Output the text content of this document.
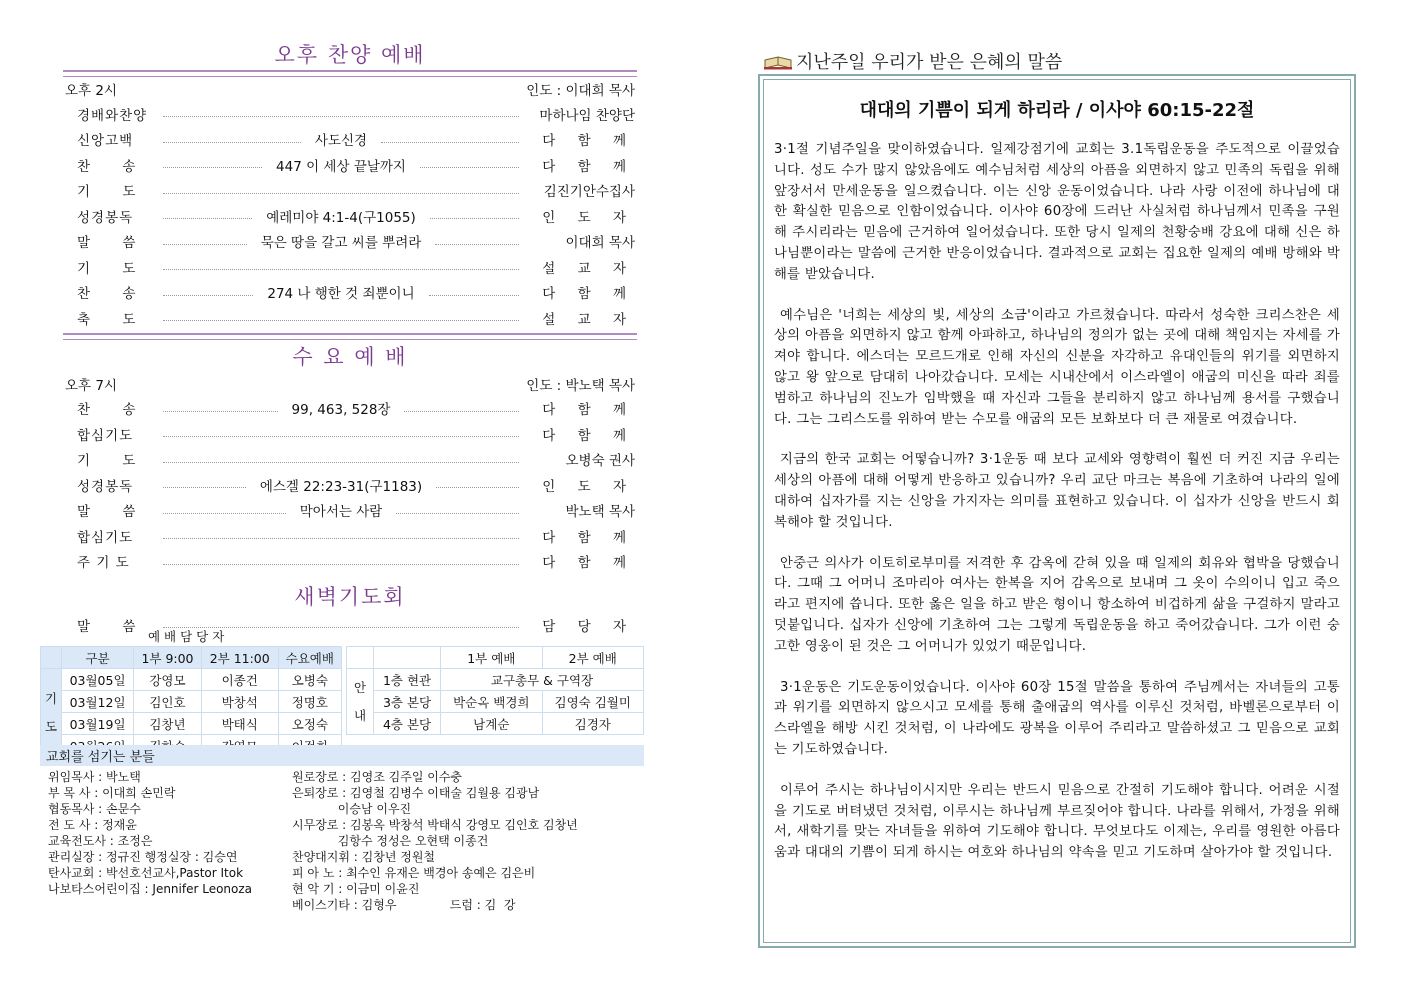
오후 찬양 예배
오후 2시	인도 : 이대희 목사
경배와찬양	마하나임 찬양단
신앙고백	사도신경	다 함 께
찬 송	447 이 세상 끝날까지	다 함 께
기 도	김진기안수집사
성경봉독	예레미야 4:1-4(구1055)	인 도 자
말 씀	묵은 땅을 갈고 씨를 뿌려라	이대희 목사
기 도	설 교 자
찬 송	274 나 행한 것 죄뿐이니	다 함 께
축 도	설 교 자
수 요 예 배
오후 7시	인도 : 박노택 목사
찬 송	99, 463, 528장	다 함 께
합심기도	다 함 께
기 도	오병숙 권사
성경봉독	에스겔 22:23-31(구1183)	인 도 자
말 씀	막아서는 사람	박노택 목사
합심기도	다 함 께
주 기 도	다 함 께
새벽기도회
말 씀	담 당 자
예 배 담 당 자
	구분	1부 9:00	2부 11:00	수요예배
기
도	03월05일	강영모	이종건	오병숙
	03월12일	김인호	박창석	정명호
	03월19일	김창년	박태식	오정숙

		1부 예배	2부 예배
안
내	1층 현관	교구총무 & 구역장	
	3층 본당	박순옥 백경희	김영숙 김월미
	4층 본당	남계순	김경자
교회를 섬기는 분들
위임목사 : 박노택
부 목 사 : 이대희 손민락
협동목사 : 손문수
전 도 사 : 정재윤
교육전도사 : 조정은
관리실장 : 정규진 행정실장 : 김승연
탄사교회 : 박선호선교사,Pastor Itok
나보타스어린이집 : Jennifer Leonoza
원로장로 : 김영조 김주일 이수충
은퇴장로 : 김영철 김병수 이태술 김월용 김광남
이승남 이우진
시무장로 : 김봉옥 박창석 박태식 강영모 김인호 김창년
김항수 정성은 오현택 이종건
찬양대지휘 : 김창년 정원철
피 아 노 : 최수인 유재은 백경아 송예은 김은비
현 악 기 : 이금미 이윤진
베이스기타 : 김형우              드럼 : 김  강
지난주일 우리가 받은 은혜의 말씀
대대의 기쁨이 되게 하리라 / 이사야 60:15-22절

3·1절 기념주일을 맞이하였습니다. 일제강점기에 교회는 3.1독립운동을 주도적으로 이끌었습니다. 성도 수가 많지 않았음에도 예수님처럼 세상의 아픔을 외면하지 않고 민족의 독립을 위해 앞장서서 만세운동을 일으켰습니다. 이는 신앙 운동이었습니다. 나라 사랑 이전에 하나님에 대한 확실한 믿음으로 인함이었습니다. 이사야 60장에 드러난 사실처럼 하나님께서 민족을 구원해 주시리라는 믿음에 근거하여 일어섰습니다. 또한 당시 일제의 천황숭배 강요에 대해 신은 하나님뿐이라는 말씀에 근거한 반응이었습니다. 결과적으로 교회는 집요한 일제의 예배 방해와 박해를 받았습니다.

예수님은 '너희는 세상의 빛, 세상의 소금'이라고 가르쳤습니다. 따라서 성숙한 크리스찬은 세상의 아픔을 외면하지 않고 함께 아파하고, 하나님의 정의가 없는 곳에 대해 책임지는 자세를 가져야 합니다. 에스더는 모르드개로 인해 자신의 신분을 자각하고 유대인들의 위기를 외면하지 않고 왕 앞으로 담대히 나아갔습니다. 모세는 시내산에서 이스라엘이 애굽의 미신을 따라 죄를 범하고 하나님의 진노가 임박했을 때 자신과 그들을 분리하지 않고 하나님께 용서를 구했습니다. 그는 그리스도를 위하여 받는 수모를 애굽의 모든 보화보다 더 큰 재물로 여겼습니다.

지금의 한국 교회는 어떻습니까? 3·1운동 때 보다 교세와 영향력이 훨씬 더 커진 지금 우리는 세상의 아픔에 대해 어떻게 반응하고 있습니까? 우리 교단 마크는 복음에 기초하여 나라의 일에 대하여 십자가를 지는 신앙을 가지자는 의미를 표현하고 있습니다. 이 십자가 신앙을 반드시 회복해야 할 것입니다.

안중근 의사가 이토히로부미를 저격한 후 감옥에 갇혀 있을 때 일제의 회유와 협박을 당했습니다. 그때 그 어머니 조마리아 여사는 한복을 지어 감옥으로 보내며 그 옷이 수의이니 입고 죽으라고 편지에 씁니다. 또한 옳은 일을 하고 받은 형이니 항소하여 비겁하게 삶을 구걸하지 말라고 덧붙입니다. 십자가 신앙에 기초하여 그는 그렇게 독립운동을 하고 죽어갔습니다. 그가 이런 숭고한 영웅이 된 것은 그 어머니가 있었기 때문입니다.

3·1운동은 기도운동이었습니다. 이사야 60장 15절 말씀을 통하여 주님께서는 자녀들의 고통과 위기를 외면하지 않으시고 모세를 통해 출애굽의 역사를 이루신 것처럼, 바벨론으로부터 이스라엘을 해방 시킨 것처럼, 이 나라에도 광복을 이루어 주리라고 말씀하셨고 그 믿음으로 교회는 기도하였습니다.

이루어 주시는 하나님이시지만 우리는 반드시 믿음으로 간절히 기도해야 합니다. 어려운 시절을 기도로 버텨냈던 것처럼, 이루시는 하나님께 부르짖어야 합니다. 나라를 위해서, 가정을 위해서, 새학기를 맞는 자녀들을 위하여 기도해야 합니다. 무엇보다도 이제는, 우리를 영원한 아름다움과 대대의 기쁨이 되게 하시는 여호와 하나님의 약속을 믿고 기도하며 살아가야 할 것입니다.
